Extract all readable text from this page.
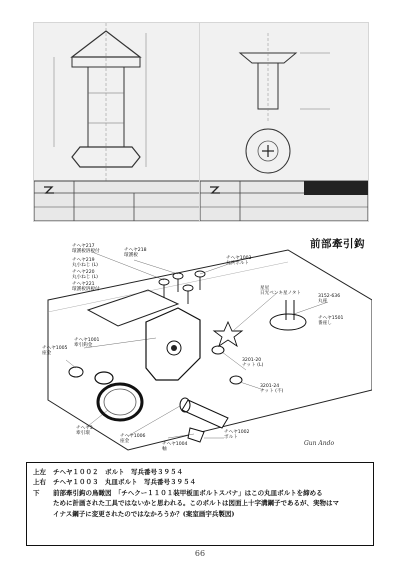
前部牽引鈎
チヘヤ217
環護板溶板付	チヘヤ218
環護板
チヘヤ219
丸小ねじ (L)
チヘヤ220
丸小ねじ (L)
チヘヤ221
環護板溶板付
チヘヤ1003
丸兵ボルト
星星
日光ペンキ星ノタト
3152-636
丸座
チヘヤ1501
番座し
チヘヤ1001
牽引鈎金
チヘヤ1005
座金
3201-20
ナット (L)
3201-24
ナット (不)
チヘヤ3
牽引環
チヘヤ1006
座金
チヘヤ1004
軸
チヘヤ1002
ボルト
Gun Ando
上左 チヘヤ１００２　ボルト　写兵番号３９５４
上右 チヘヤ１００３　丸皿ボルト　写兵番号３９５４
下 前部牽引鈎の鳥瞰図　「チヘクー１１０１装甲板皿ボルトスパナ」はこの丸皿ボルトを締める
ために計画された工具ではないかと思われる。このボルトは図面上十字溝鋼子であるが、実物はマ
イナス鋼子に変更されたのではなかろうか？(案室画宇兵製図)
66
